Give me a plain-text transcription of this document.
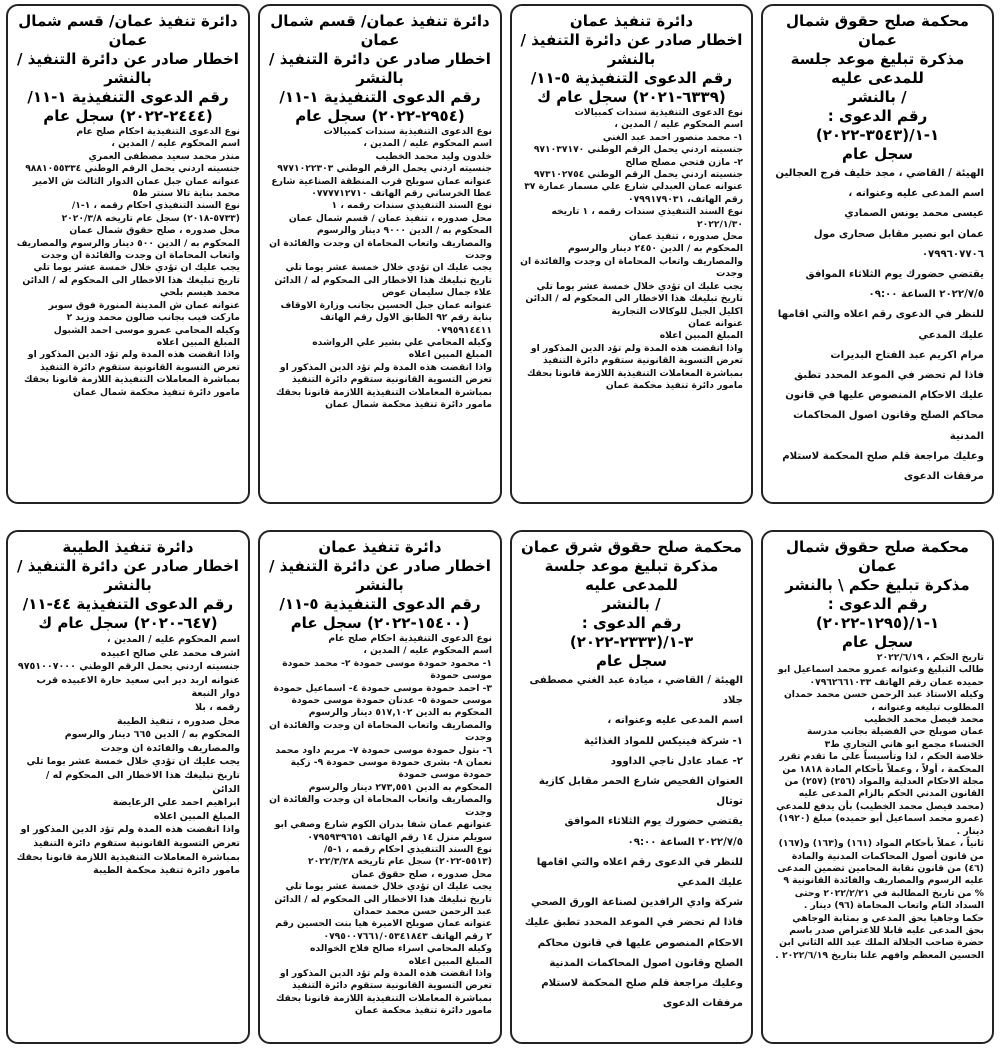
محكمة صلح حقوق شمال عمان
مذكرة تبليغ موعد جلسة للمدعى عليه
/ بالنشر
رقم الدعوى : ١-١/(٣٥٤٣-٢٠٢٢)
سجل عام
الهيئة / القاضي ، مجد خليف فرج العجالين
اسم المدعى عليه وعنوانه ،
عيسى محمد يونس الصمادي
عمان ابو نصير مقابل صحارى مول
٠٧٩٩٦٠٧٧٠٦
يقتضي حضورك يوم الثلاثاء الموافق
٢٠٢٢/٧/٥ الساعة ٠٩:٠٠
للنظر في الدعوى رقم اعلاه والتي اقامها عليك المدعي
مرام اكريم عبد الفتاح البديرات
فاذا لم تحضر في الموعد المحدد تطبق عليك الاحكام المنصوص عليها في قانون محاكم الصلح وقانون اصول المحاكمات المدنية
وعليك مراجعة قلم صلح المحكمة لاستلام مرفقات الدعوى
دائرة تنفيذ عمان
اخطار صادر عن دائرة التنفيذ / بالنشر
رقم الدعوى التنفيذية ٥-١١/
(٦٣٣٩-٢٠٢١) سجل عام ك
نوع الدعوى التنفيذية سندات كمبيالات
اسم المحكوم عليه / المدين ،
١- محمد منصور احمد عبد الغني
جنسيته اردني يحمل الرقم الوطني ٩٧١٠٣٧١٧٠
٢- مازن فتحي مصلح صالح
جنسيته اردني يحمل الرقم الوطني ٩٧٣١٠٢٧٥٤
عنوانه عمان العبدلي شارع علي مسمار عمارة ٣٧ رقم الهاتف، ٠٧٩٩١٧٩٠٣١
نوع السند التنفيذي سندات رقمه ، ١ تاريخه ٢٠٢٢/١/٣٠
محل صدوره ، تنفيذ عمان
المحكوم به / الدين ٢٤٥٠ دينار والرسوم والمصاريف واتعاب المحاماة ان وجدت والفائدة ان وجدت
يجب عليك ان تؤدي خلال خمسة عشر يوما تلي تاريخ تبليغك هذا الاخطار الى المحكوم له / الدائن
اكليل الجبل للوكالات التجارية
عنوانه عمان
المبلغ المبين اعلاه
واذا انقضت هذه المدة ولم تؤد الدين المذكور او تعرض التسوية القانونية ستقوم دائرة التنفيذ بمباشرة المعاملات التنفيذية اللازمة قانونا بحقك
مامور دائرة تنفيذ محكمة عمان
دائرة تنفيذ عمان/ قسم شمال عمان
اخطار صادر عن دائرة التنفيذ / بالنشر
رقم الدعوى التنفيذية ١-١١/
(٢٩٥٤-٢٠٢٢) سجل عام
نوع الدعوى التنفيذية سندات كمبيالات
اسم المحكوم عليه / المدين ،
خلدون وليد محمد الخطيب
جنسيته اردني يحمل الرقم الوطني ٩٧٧١٠٢٢٣٠٣
عنوانه عمان سويلح قرب المنطقة الصناعية شارع عطا الخرساني رقم الهاتف ٠٧٧٧٧١٢٧١٠
نوع السند التنفيذي سندات رقمه ، ١
محل صدوره ، تنفيذ عمان / قسم شمال عمان
المحكوم به / الدين ٩٠٠٠ دينار والرسوم والمصاريف واتعاب المحاماة ان وجدت والفائدة ان وجدت
يجب عليك ان تؤدي خلال خمسة عشر يوما تلي تاريخ تبليغك هذا الاخطار الى المحكوم له / الدائن
علاء جمال سليمان عوض
عنوانه عمان جبل الحسين بجانب وزارة الاوقاف بناية رقم ٩٢ الطابق الاول رقم الهاتف ٠٧٩٥٩١٤٤١١
وكيله المحامي علي بشير علي الرواشده
المبلغ المبين اعلاه
واذا انقضت هذه المدة ولم تؤد الدين المذكور او تعرض التسوية القانونية ستقوم دائرة التنفيذ بمباشرة المعاملات التنفيذية اللازمة قانونا بحقك
مامور دائرة تنفيذ محكمة شمال عمان
دائرة تنفيذ عمان/ قسم شمال عمان
اخطار صادر عن دائرة التنفيذ / بالنشر
رقم الدعوى التنفيذية ١-١١/
(٢٤٤٤-٢٠٢٢) سجل عام
نوع الدعوى التنفيذية احكام صلح عام
اسم المحكوم عليه / المدين ،
منذر محمد سعيد مصطفى العمري
جنسيته اردني يحمل الرقم الوطني ٩٨٨١٠٥٥٣٣٤
عنوانه عمان جبل عمان الدوار الثالث ش الامير محمد بناية تالا سنتر ط٥
نوع السند التنفيذي احكام رقمه ، ١-١/ (٥٧٣٣-٢٠١٨) سجل عام تاريخه ٢٠٢٠/٣/٨
محل صدوره ، صلح حقوق شمال عمان
المحكوم به / الدين ٥٠٠ دينار والرسوم والمصاريف واتعاب المحاماة ان وجدت والفائدة ان وجدت
يجب عليك ان تؤدي خلال خمسة عشر يوما تلي تاريخ تبليغك هذا الاخطار الى المحكوم له / الدائن محمد هيسم بلحي
عنوانه عمان ش المدينة المنورة فوق سوبر ماركت فيب بجانب صالون محمد وزيد ٢
وكيله المحامي عمرو موسى احمد الشبول
المبلغ المبين اعلاه
واذا انقضت هذه المدة ولم تؤد الدين المذكور او تعرض التسوية القانونية ستقوم دائرة التنفيذ بمباشرة المعاملات التنفيذية اللازمة قانونا بحقك
مامور دائرة تنفيذ محكمة شمال عمان
محكمة صلح حقوق شمال عمان
مذكرة تبليغ حكم \ بالنشر
رقم الدعوى : ١-١/(١٢٩٥-٢٠٢٢)
سجل عام
تاريخ الحكم ، ٢٠٢٢/٦/١٩
طالب التبليغ وعنوانه عمرو محمد اسماعيل ابو حميده عمان رقم الهاتف ٠٧٩٦٢٦٦١٠٣٣
وكيله الاستاذ عبد الرحمن حسن محمد حمدان
المطلوب تبليغه وعنوانه ،
محمد فيصل محمد الخطيب
عمان صويلح حي الفضيلة بجانب مدرسة الخنساء مجمع ابو هاني التجاري ط٣
خلاصة الحكم ، لذا وتأسيساً على ما تقدم تقرر المحكمة ، أولاً ، وعملاً بأحكام المادة ١٨١٨ من مجلة الاحكام العدلية والمواد (٢٥٦) (٢٥٧) من القانون المدني الحكم بالزام المدعى عليه (محمد فيصل محمد الخطيب) بأن يدفع للمدعي (عمرو محمد اسماعيل أبو حميده) مبلغ (١٩٢٠) دينار .
ثانياً ، عملاً بأحكام المواد (١٦١) و(١٦٣) و(١٦٧) من قانون أصول المحاكمات المدنية والمادة (٤٦) من قانون نقابة المحامين تضمين المدعى عليه الرسوم والمصاريف والفائدة القانونية ٩ % من تاريخ المطالبة في ٢٠٢٢/٢/٢١ وحتى السداد التام واتعاب المحاماة (٩٦) دينار .
حكما وجاهيا بحق المدعي و بمثابة الوجاهي بحق المدعى عليه قابلا للاعتراض صدر باسم حضرة صاحب الجلالة الملك عبد الله الثاني ابن الحسين المعظم وافهم علنا بتاريخ ٢٠٢٢/٦/١٩ .
محكمة صلح حقوق شرق عمان
مذكرة تبليغ موعد جلسة للمدعى عليه
/ بالنشر
رقم الدعوى : ٣-١/(٢٣٣٣-٢٠٢٢)
سجل عام
الهيئة / القاضي ، ميادة عبد الغني مصطفى جلاد
اسم المدعى عليه وعنوانه ،
١- شركة فينيكس للمواد الغذائية
٢- عماد عادل ناجي الداوود
العنوان الفحيص شارع الحمر مقابل كازية توتال
يقتضي حضورك يوم الثلاثاء الموافق
٢٠٢٢/٧/٥ الساعة ٠٩:٠٠
للنظر في الدعوى رقم اعلاه والتي اقامها عليك المدعي
شركة وادي الرافدين لصناعة الورق الصحي
فاذا لم تحضر في الموعد المحدد تطبق عليك الاحكام المنصوص عليها في قانون محاكم الصلح وقانون اصول المحاكمات المدنية
وعليك مراجعة قلم صلح المحكمة لاستلام مرفقات الدعوى
دائرة تنفيذ عمان
اخطار صادر عن دائرة التنفيذ / بالنشر
رقم الدعوى التنفيذية ٥-١١/
(١٥٤٠٠-٢٠٢٢) سجل عام
نوع الدعوى التنفيذية احكام صلح عام
اسم المحكوم عليه / المدين ،
١- محمود حمودة موسى حمودة ٢- محمد حمودة موسى حمودة
٣- احمد حمودة موسى حمودة ٤- اسماعيل حمودة موسى حمودة ٥- عدنان حمودة موسى حمودة
المحكوم به الدين ٥١٧,١٠٢ دينار والرسوم والمصاريف واتعاب المحاماة ان وجدت والفائدة ان وجدت
٦- بتول حمودة موسى حمودة ٧- مريم داود محمد نعمان ٨- بشرى حمودة موسى حمودة ٩- زكية حمودة موسى حمودة
المحكوم به الدين ٢٧٣,٥٥١ دينار والرسوم والمصاريف واتعاب المحاماة ان وجدت والفائدة ان وجدت
عنوانهم عمان شفا بدران الكوم شارع وصفي ابو سويلم منزل ١٤ رقم الهاتف ٠٧٩٥٩٣٩٦٥١
نوع السند التنفيذي احكام رقمه ، ١-٥/ (٥٥١٣-٢٠٢٢) سجل عام تاريخه ٢٠٢٢/٣/٢٨
محل صدوره ، صلح حقوق عمان
يجب عليك ان تؤدي خلال خمسة عشر يوما تلي تاريخ تبليغك هذا الاخطار الى المحكوم له / الدائن عبد الرحمن حسن محمد حمدان
عنوانه عمان صويلح الاميرة هيا بنت الحسين رقم ٢ رقم الهاتف ٠٧٩٥٠٠٧٦٦١/٠٥٣٤١٨٤٣
وكيله المحامي اسراء صالح فلاح الخوالده
المبلغ المبين اعلاه
واذا انقضت هذه المدة ولم تؤد الدين المذكور او تعرض التسوية القانونية ستقوم دائرة التنفيذ بمباشرة المعاملات التنفيذية اللازمة قانونا بحقك
مامور دائرة تنفيذ محكمة عمان
دائرة تنفيذ الطيبة
اخطار صادر عن دائرة التنفيذ / بالنشر
رقم الدعوى التنفيذية ٤٤-١١/
(٦٤٧-٢٠٢٠) سجل عام ك
اسم المحكوم عليه / المدين ،
اشرف محمد علي صالح اعبيده
جنسيته اردني يحمل الرقم الوطني ٩٧٥١٠٠٧٠٠٠
عنوانه اربد دير ابي سعيد حارة الاعبيده قرب دوار النبعة
رقمه ، بلا
محل صدوره ، تنفيذ الطيبة
المحكوم به / الدين ٦٦٥ دينار والرسوم والمصاريف والفائدة ان وجدت
يجب عليك ان تؤدي خلال خمسة عشر يوما تلي تاريخ تبليغك هذا الاخطار الى المحكوم له / الدائن
ابراهيم احمد علي الرعايضة
المبلغ المبين اعلاه
واذا انقضت هذه المدة ولم تؤد الدين المذكور او تعرض التسوية القانونية ستقوم دائرة التنفيذ بمباشرة المعاملات التنفيذية اللازمة قانونا بحقك
مامور دائرة تنفيذ محكمة الطيبة
